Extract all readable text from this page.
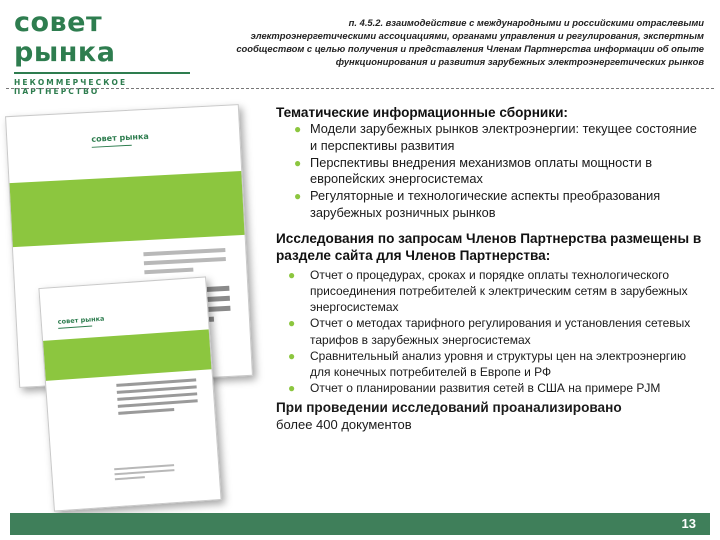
совет рынка
НЕКОММЕРЧЕСКОЕ ПАРТНЕРСТВО
п. 4.5.2. взаимодействие с международными и российскими отраслевыми электроэнергетическими ассоциациями, органами управления и регулирования, экспертным сообществом с целью получения и представления Членам Партнерства информации об опыте функционирования и развития зарубежных электроэнергетических рынков
совет рынка
совет рынка
Тематические информационные сборники:
● Модели зарубежных рынков электроэнергии: текущее состояние и перспективы развития
● Перспективы внедрения механизмов оплаты мощности в европейских энергосистемах
● Регуляторные и технологические аспекты преобразования зарубежных розничных рынков
Исследования по запросам Членов Партнерства размещены в разделе сайта для Членов Партнерства:
● Отчет о процедурах, сроках и порядке оплаты технологического присоединения потребителей к электрическим сетям в зарубежных энергосистемах
● Отчет о методах тарифного регулирования и установления сетевых тарифов в зарубежных энергосистемах
● Сравнительный анализ уровня и структуры цен на электроэнергию для конечных потребителей в Европе и РФ
● Отчет о планировании развития сетей в США на примере PJM
При проведении исследований проанализировано
более 400 документов
13
